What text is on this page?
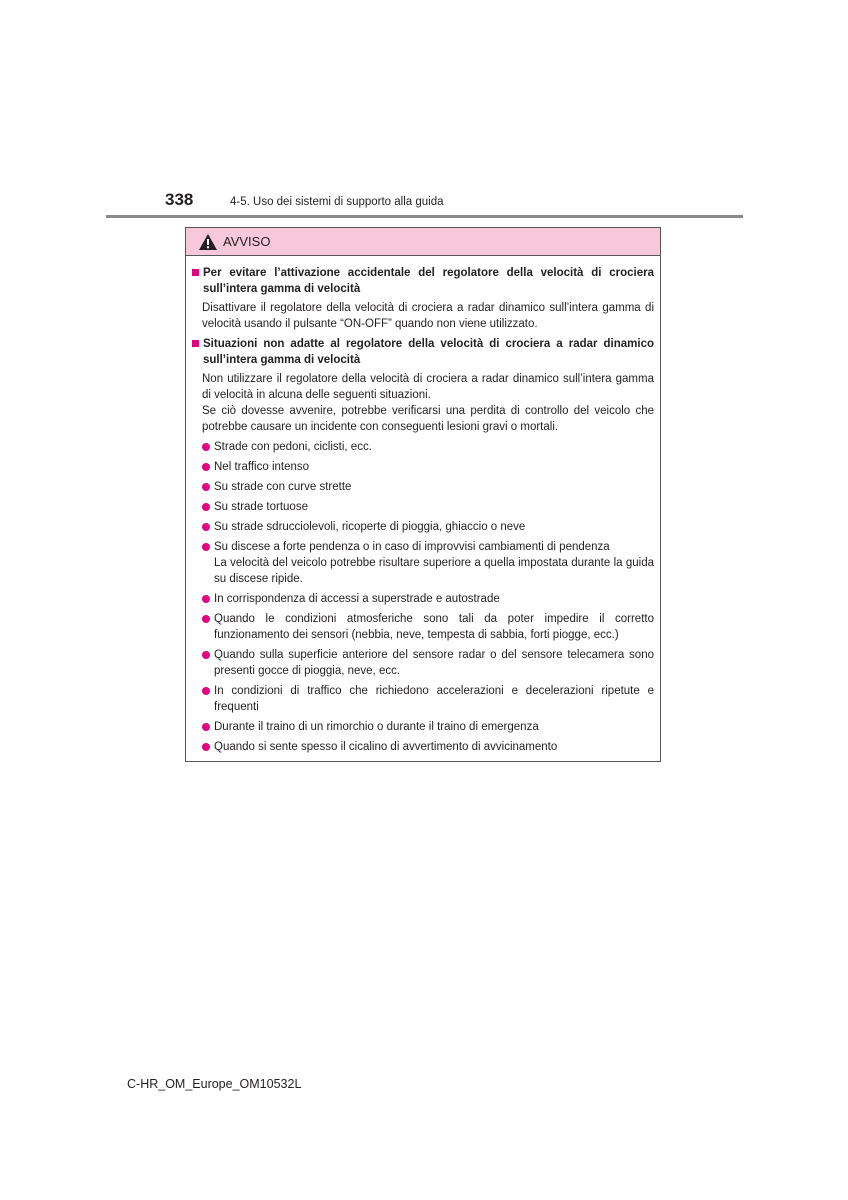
338	4-5. Uso dei sistemi di supporto alla guida
AVVISO
Per evitare l’attivazione accidentale del regolatore della velocità di crociera sull’intera gamma di velocità
Disattivare il regolatore della velocità di crociera a radar dinamico sull’intera gamma di velocità usando il pulsante “ON-OFF” quando non viene utilizzato.
Situazioni non adatte al regolatore della velocità di crociera a radar dinamico sull’intera gamma di velocità
Non utilizzare il regolatore della velocità di crociera a radar dinamico sull’intera gamma di velocità in alcuna delle seguenti situazioni.
Se ciò dovesse avvenire, potrebbe verificarsi una perdita di controllo del veicolo che potrebbe causare un incidente con conseguenti lesioni gravi o mortali.
Strade con pedoni, ciclisti, ecc.
Nel traffico intenso
Su strade con curve strette
Su strade tortuose
Su strade sdrucciolevoli, ricoperte di pioggia, ghiaccio o neve
Su discese a forte pendenza o in caso di improvvisi cambiamenti di pendenza
La velocità del veicolo potrebbe risultare superiore a quella impostata durante la guida su discese ripide.
In corrispondenza di accessi a superstrade e autostrade
Quando le condizioni atmosferiche sono tali da poter impedire il corretto funzionamento dei sensori (nebbia, neve, tempesta di sabbia, forti piogge, ecc.)
Quando sulla superficie anteriore del sensore radar o del sensore telecamera sono presenti gocce di pioggia, neve, ecc.
In condizioni di traffico che richiedono accelerazioni e decelerazioni ripetute e frequenti
Durante il traino di un rimorchio o durante il traino di emergenza
Quando si sente spesso il cicalino di avvertimento di avvicinamento
C-HR_OM_Europe_OM10532L
